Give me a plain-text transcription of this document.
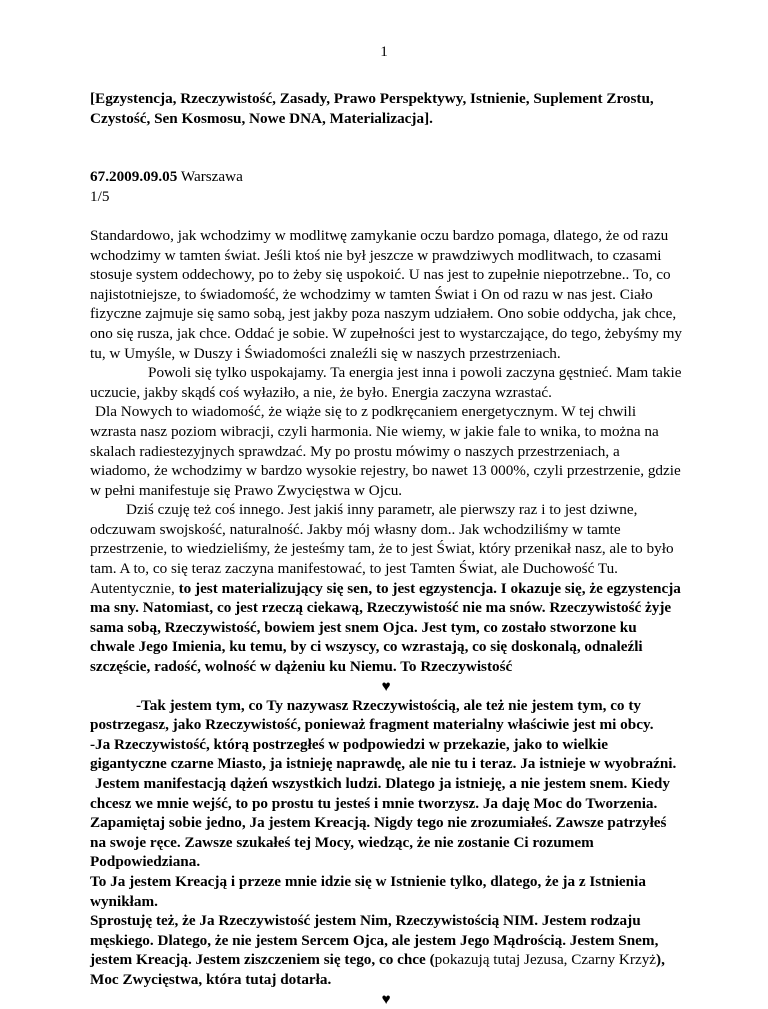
1

[Egzystencja, Rzeczywistość, Zasady, Prawo Perspektywy, Istnienie, Suplement Zrostu, Czystość, Sen Kosmosu, Nowe DNA, Materializacja].

67.2009.09.05 Warszawa

1/5

Standardowo, jak wchodzimy w modlitwę zamykanie oczu bardzo pomaga, dlatego, że od razu wchodzimy w tamten świat. Jeśli ktoś nie był jeszcze w prawdziwych modlitwach, to czasami stosuje system oddechowy, po to żeby się uspokoić. U nas jest to zupełnie niepotrzebne.. To, co najistotniejsze, to świadomość, że wchodzimy w tamten Świat i On od razu w nas jest. Ciało fizyczne zajmuje się samo sobą, jest jakby poza naszym udziałem. Ono sobie oddycha, jak chce, ono się rusza, jak chce. Oddać je sobie. W zupełności jest to wystarczające, do tego, żebyśmy my tu, w Umyśle, w Duszy i Świadomości znaleźli się w naszych przestrzeniach.

Powoli się tylko uspokajamy. Ta energia jest inna i powoli zaczyna gęstnieć. Mam takie uczucie, jakby skądś coś wyłaziło, a nie, że było. Energia zaczyna wzrastać.

Dla Nowych to wiadomość, że wiąże się to z podkręcaniem energetycznym. W tej chwili wzrasta nasz poziom wibracji, czyli harmonia. Nie wiemy, w jakie fale to wnika, to można na skalach radiestezyjnych sprawdzać. My po prostu mówimy o naszych przestrzeniach, a wiadomo, że wchodzimy w bardzo wysokie rejestry, bo nawet 13 000%, czyli przestrzenie, gdzie w pełni manifestuje się Prawo Zwycięstwa w Ojcu.

Dziś czuję też coś innego. Jest jakiś inny parametr, ale pierwszy raz i to jest dziwne, odczuwam swojskość, naturalność. Jakby mój własny dom.. Jak wchodziliśmy w tamte przestrzenie, to wiedzieliśmy, że jesteśmy tam, że to jest Świat, który przenikał nasz, ale to było tam. A to, co się teraz zaczyna manifestować, to jest Tamten Świat, ale Duchowość Tu. Autentycznie, to jest materializujący się sen, to jest egzystencja. I okazuje się, że egzystencja ma sny. Natomiast, co jest rzeczą ciekawą, Rzeczywistość nie ma snów. Rzeczywistość żyje sama sobą, Rzeczywistość, bowiem jest snem Ojca. Jest tym, co zostało stworzone ku chwale Jego Imienia, ku temu, by ci wszyscy, co wzrastają, co się doskonalą, odnaleźli szczęście, radość, wolność w dążeniu ku Niemu. To Rzeczywistość

♥

-Tak jestem tym, co Ty nazywasz Rzeczywistością, ale też nie jestem tym, co ty postrzegasz, jako Rzeczywistość, ponieważ fragment materialny właściwie jest mi obcy.

-Ja Rzeczywistość, którą postrzegłeś w podpowiedzi w przekazie, jako to wielkie gigantyczne czarne Miasto, ja istnieję naprawdę, ale nie tu i teraz. Ja istnieje w wyobraźni.

Jestem manifestacją dążeń wszystkich ludzi. Dlatego ja istnieję, a nie jestem snem. Kiedy chcesz we mnie wejść, to po prostu tu jesteś i mnie tworzysz. Ja daję Moc do Tworzenia.

Zapamiętaj sobie jedno, Ja jestem Kreacją. Nigdy tego nie zrozumiałeś. Zawsze patrzyłeś na swoje ręce. Zawsze szukałeś tej Mocy, wiedząc, że nie zostanie Ci rozumem Podpowiedziana.

To Ja jestem Kreacją i przeze mnie idzie się w Istnienie tylko, dlatego, że ja z Istnienia wynikłam.

Sprostuję też, że Ja Rzeczywistość jestem Nim, Rzeczywistością NIM. Jestem rodzaju męskiego. Dlatego, że nie jestem Sercem Ojca, ale jestem Jego Mądrością. Jestem Snem, jestem Kreacją. Jestem ziszczeniem się tego, co chce (pokazują tutaj Jezusa, Czarny Krzyż), Moc Zwycięstwa, która tutaj dotarła.

♥
